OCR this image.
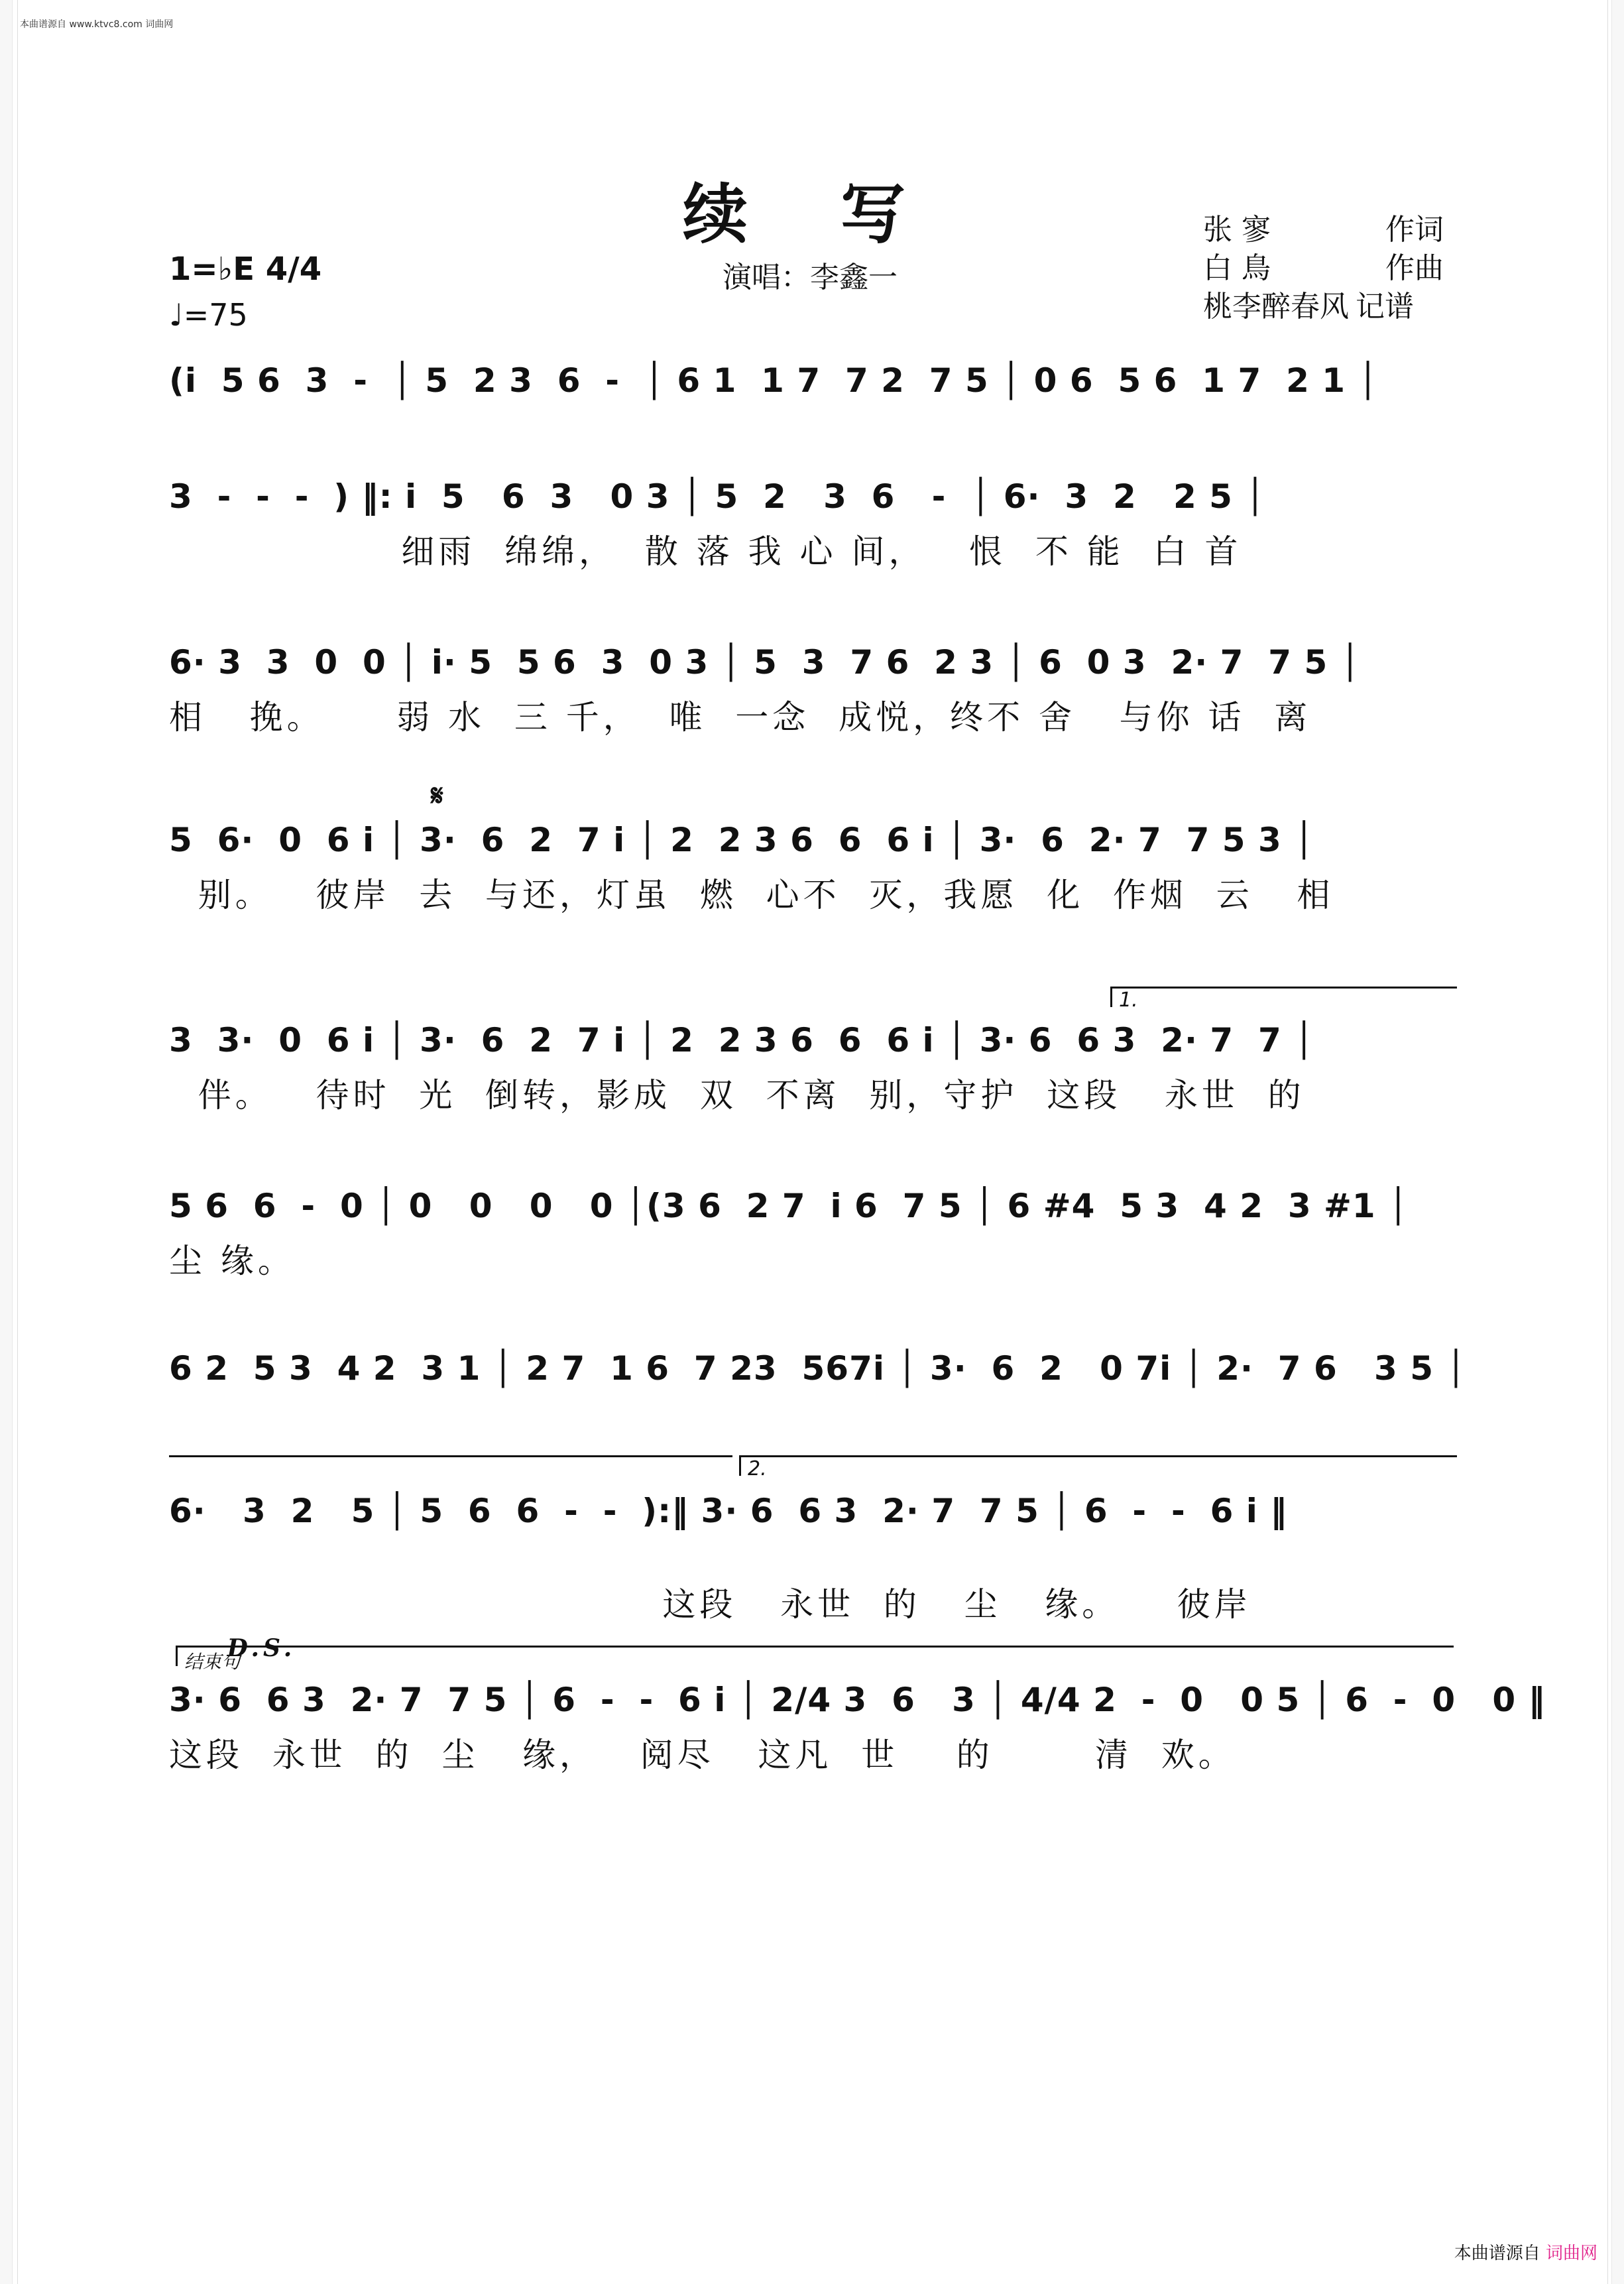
本曲谱源自 www.ktvc8.com 词曲网
续写
演唱：李鑫一
张 寥	作词
白 鳥	作曲
桃李醉春风 记谱
1=♭E 4/4
♩=75
(i  5 6  3  -  │ 5  2 3  6  -  │ 6 1  1 7  7 2  7 5 │ 0 6  5 6  1 7  2 1 │
3  -  -  -  ) ‖: i  5   6  3   0 3 │ 5  2   3  6   -  │ 6·  3  2   2 5 │
细雨  绵绵，  散 落 我 心 间，   恨  不 能  白 首
6· 3  3  0  0 │ i· 5  5 6  3  0 3 │ 5  3  7 6  2 3 │ 6  0 3  2· 7  7 5 │
相   挽。     弱 水  三 千，  唯  一念  成悦，终不 舍   与你 话  离
𝄋
5  6·  0  6 i │ 3·  6  2  7 i │ 2  2 3 6  6  6 i │ 3·  6  2· 7  7 5 3 │
别。   彼岸  去  与还，灯虽  燃  心不  灭，我愿  化  作烟  云   相
1.
3  3·  0  6 i │ 3·  6  2  7 i │ 2  2 3 6  6  6 i │ 3· 6  6 3  2· 7  7 │
伴。   待时  光  倒转，影成  双  不离  别，守护  这段   永世  的
5 6  6  -  0 │ 0   0   0   0 │(3 6  2 7  i 6  7 5 │ 6 #4  5 3  4 2  3 #1 │
尘 缘。
6 2  5 3  4 2  3 1 │ 2 7  1 6  7 23  567i │ 3·  6  2   0 7i │ 2·  7 6   3 5 │
2.
6·   3  2   5 │ 5  6  6  -  -  ):‖ 3· 6  6 3  2· 7  7 5 │ 6  -  -  6 i ‖

这段   永世  的   尘   缘。    彼岸
D.S.

结束句
3· 6  6 3  2· 7  7 5 │ 6  -  -  6 i │ 2/4 3  6   3 │ 4/4 2  -  0   0 5 │ 6  -  0   0 ‖
这段  永世  的  尘   缘，   阅尽   这凡  世    的       清  欢。
本曲谱源自 词曲网
